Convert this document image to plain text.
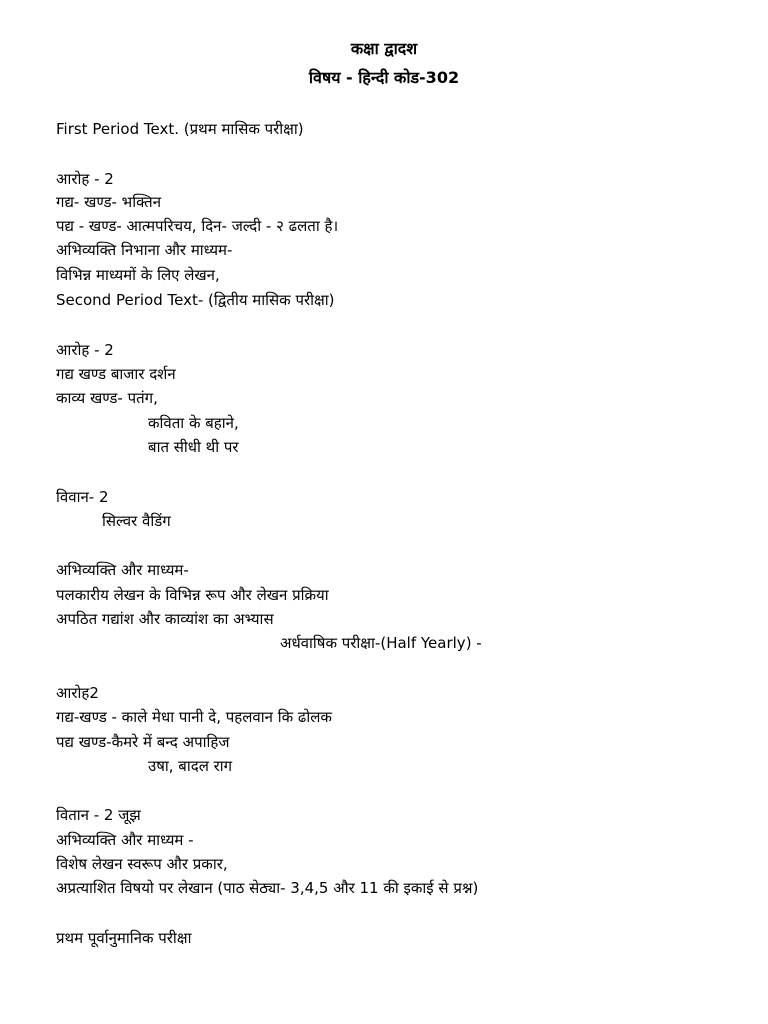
कक्षा द्वादश
विषय - हिन्दी कोड-302
First Period Text. (प्रथम मासिक परीक्षा)
आरोह - 2
गद्य- खण्ड- भक्तिन
पद्य - खण्ड- आत्मपरिचय, दिन- जल्दी - २ ढलता है।
अभिव्यक्ति निभाना और माध्यम-
विभिन्न माध्यमों के लिए लेखन,
Second Period Text- (द्वितीय मासिक परीक्षा)
आरोह - 2
गद्य खण्ड बाजार दर्शन
काव्य खण्ड- पतंग,
कविता के बहाने,
बात सीधी थी पर
विवान- 2
सिल्वर वैडिंग
अभिव्यक्ति और माध्यम-
पलकारीय लेखन के विभिन्न रूप और लेखन प्रक्रिया
अपठित गद्यांश और काव्यांश का अभ्यास
अर्धवाषिक परीक्षा-(Half Yearly) -
आरोह2
गद्य-खण्ड - काले मेधा पानी दे, पहलवान कि ढोलक
पद्य खण्ड-कैमरे में बन्द अपाहिज
उषा, बादल राग
वितान - 2 जूझ
अभिव्यक्ति और माध्यम -
विशेष लेखन स्वरूप और प्रकार,
अप्रत्याशित विषयो पर लेखान (पाठ सेठ्या- 3,4,5 और 11 की इकाई से प्रश्न)
प्रथम पूर्वानुमानिक परीक्षा
